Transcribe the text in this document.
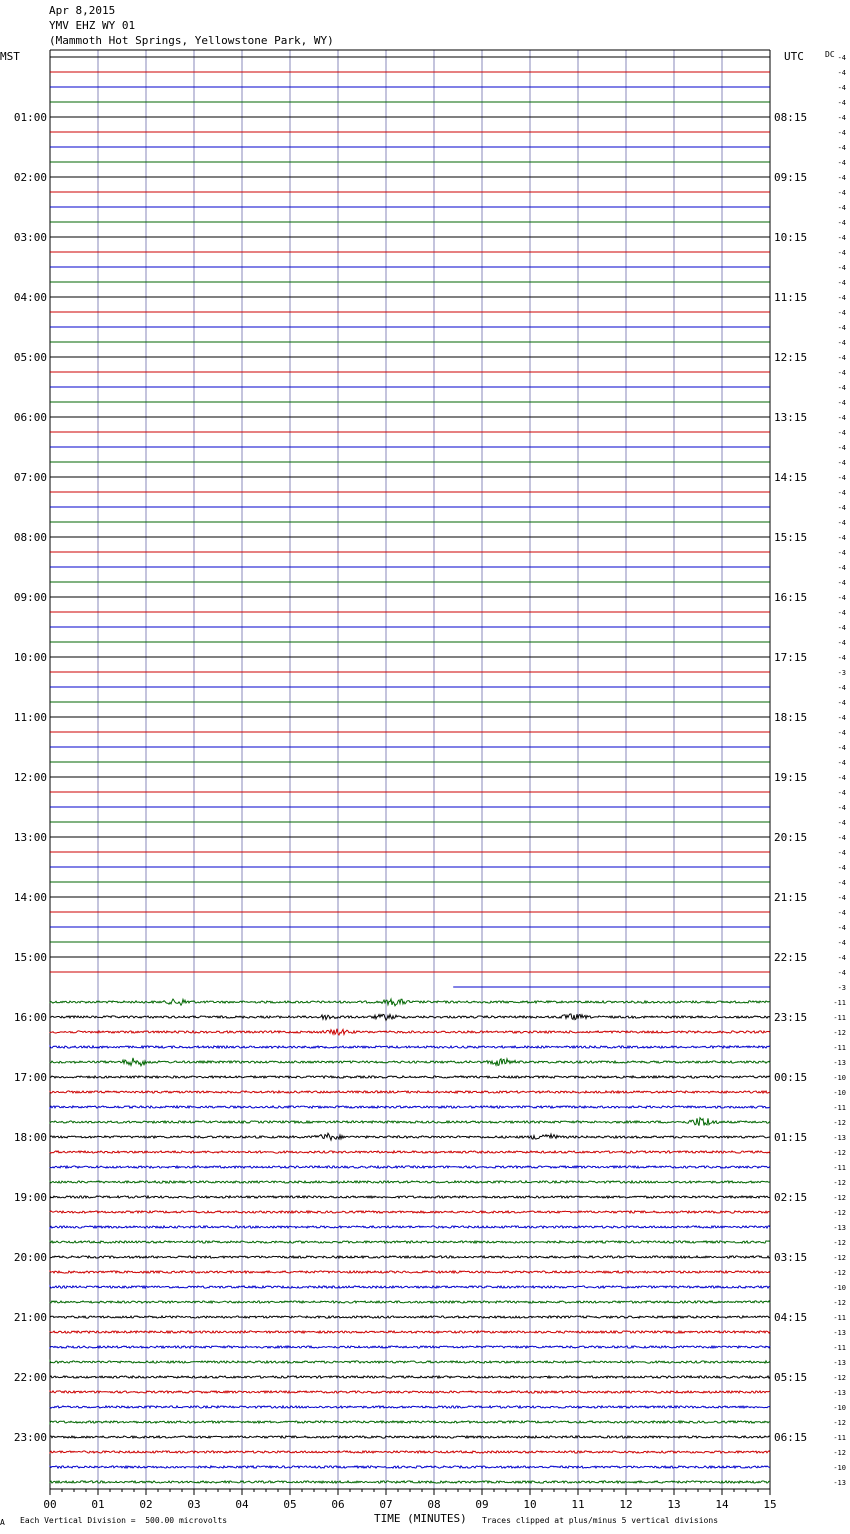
Apr 8,2015
YMV EHZ WY 01
(Mammoth Hot Springs, Yellowstone Park, WY)
MST	UTC	DC -4
-4
-4
-4
-4
-4
-4
-4
-4
-4
-4
-4
-4
-4
-4
-4
-4
-4
-4
-4
-4
-4
-4
-4
-4
-4
-4
-4
-4
-4
-4
-4
-4
-4
-4
-4
-4
-4
-4
-4
-4
-3
-4
-4
-4
-4
-4
-4
-4
-4
-4
-4
-4
-4
-4
-4
-4
-4
-4
-4
-4
-4
-3
-11
-11
-12
-11
-13
-10
-10
-11
-12
-13
-12
-11
-12
-12
-12
-13
-12
-12
-12
-10
-12
-11
-13
-11
-13
-12
-13
-10
-12
-11
-12
-10
-13
01:00	08:15
02:00	09:15
03:00	10:15
04:00	11:15
05:00	12:15
06:00	13:15
07:00	14:15
08:00	15:15
09:00	16:15
10:00	17:15
11:00	18:15
12:00	19:15
13:00	20:15
14:00	21:15
15:00	22:15
16:00	23:15
17:00	00:15
18:00	01:15
19:00	02:15
20:00	03:15
21:00	04:15
22:00	05:15
23:00	06:15
00	01	02	03	04	05	06	07	08	09	10	11	12	13	14	15
A Each Vertical Division =  500.00 microvolts	TIME (MINUTES) Traces clipped at plus/minus 5 vertical divisions
